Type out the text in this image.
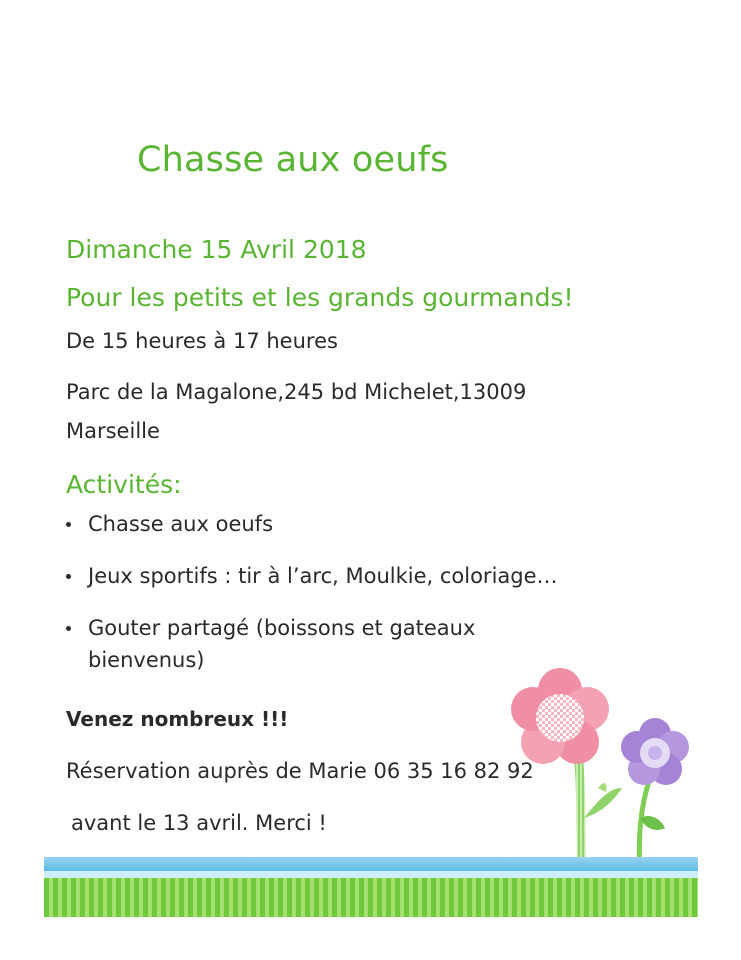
Chasse aux oeufs
Dimanche 15 Avril 2018
Pour les petits et les grands gourmands!
De 15 heures à 17 heures
Parc de la Magalone,245 bd Michelet,13009
Marseille
Activités:
Chasse aux oeufs
Jeux sportifs : tir à l’arc, Moulkie, coloriage…
Gouter partagé (boissons et gateaux
bienvenus)
Venez nombreux !!!
Réservation auprès de Marie 06 35 16 82 92
avant le 13 avril. Merci !
